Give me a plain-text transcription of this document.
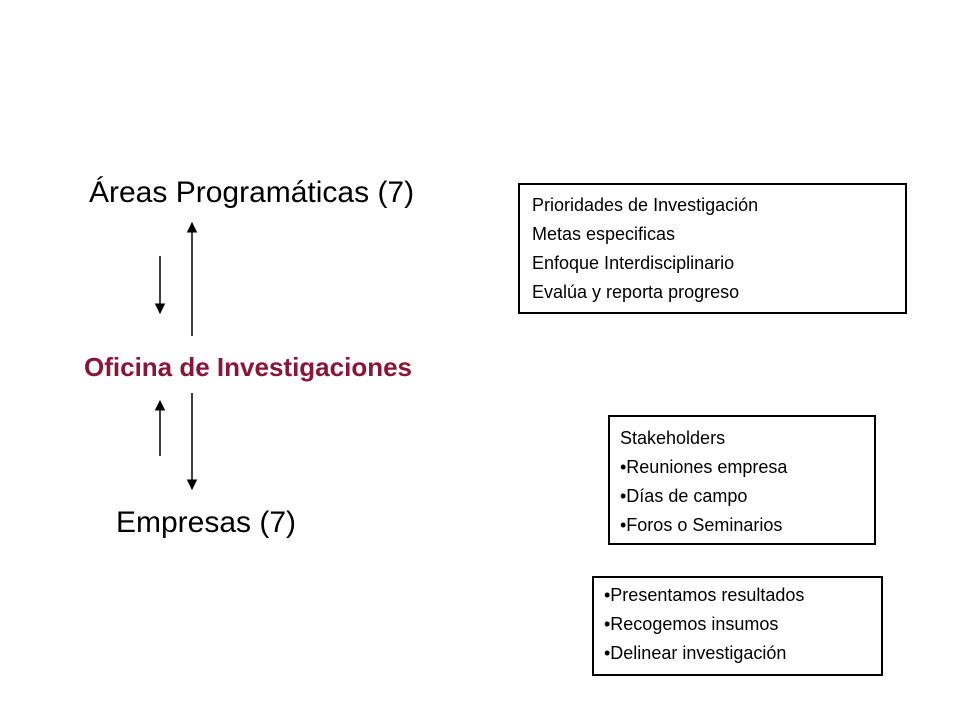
Áreas Programáticas (7)
Oficina de Investigaciones
Empresas (7)
Prioridades de Investigación
Metas especificas
Enfoque Interdisciplinario
Evalúa y reporta progreso
Stakeholders
•Reuniones empresa
•Días de campo
•Foros o Seminarios
•Presentamos resultados
•Recogemos insumos
•Delinear investigación
